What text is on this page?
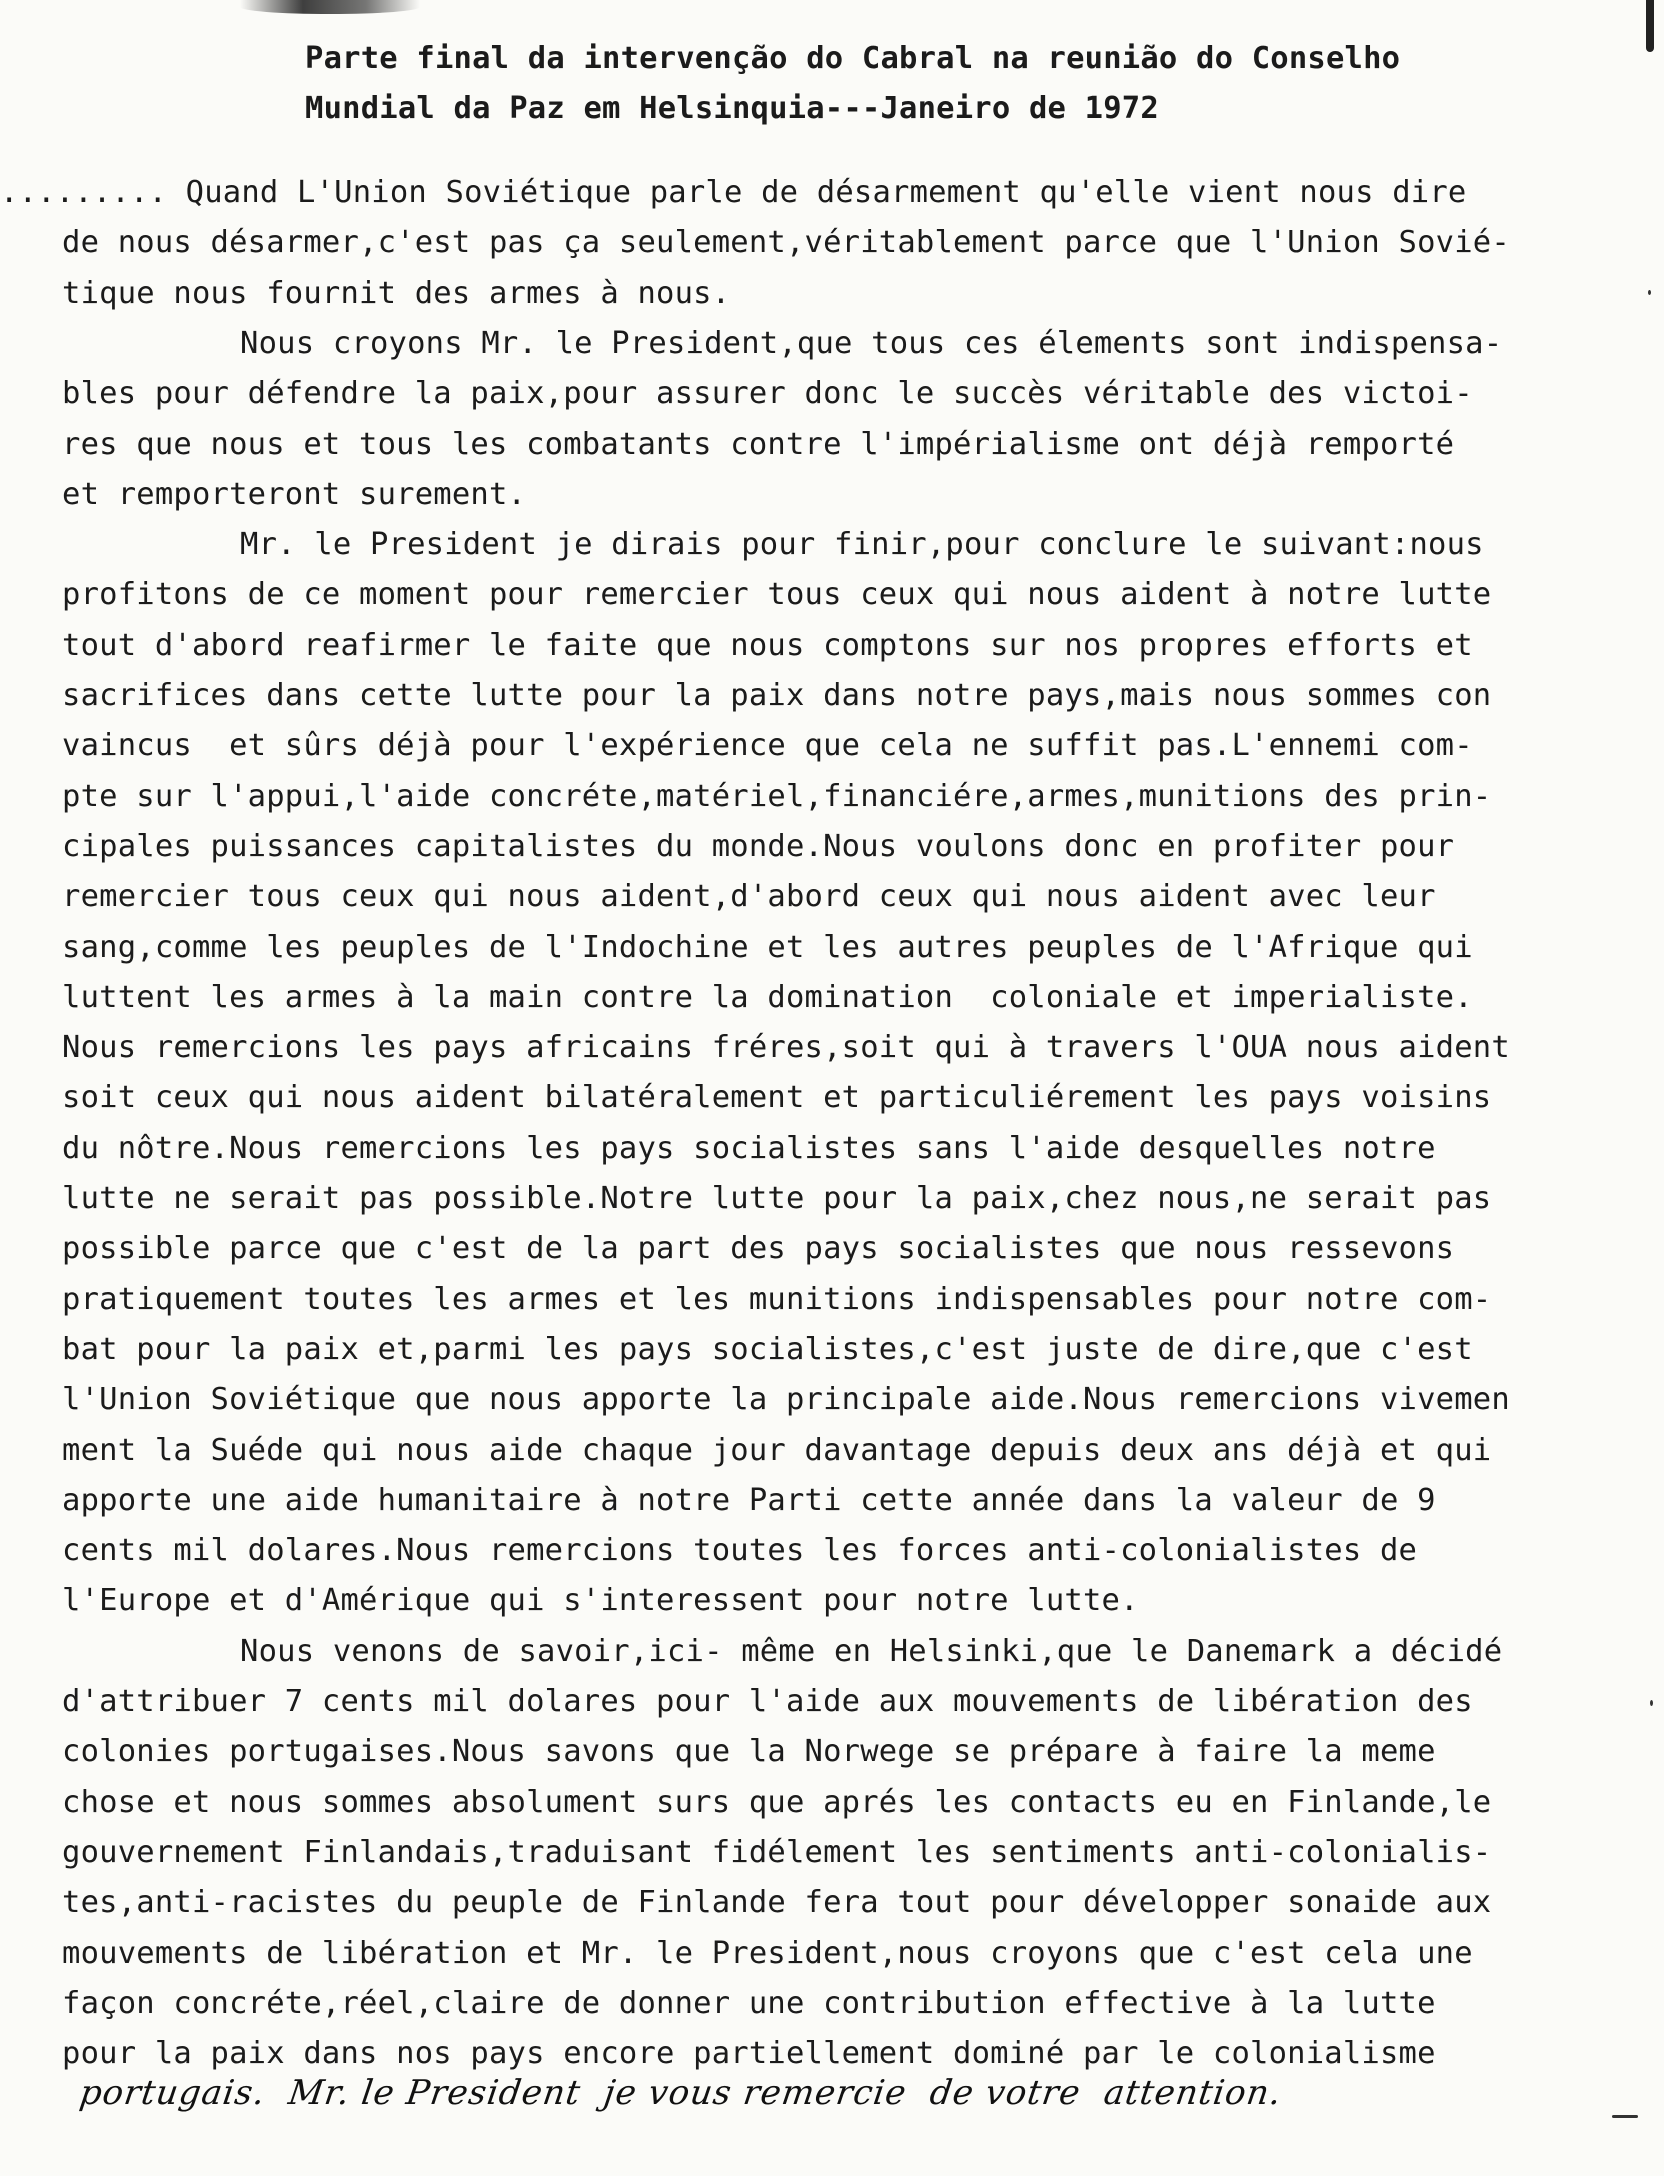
Parte final da intervenção do Cabral na reunião do Conselho
Mundial da Paz em Helsinquia---Janeiro de 1972
......... Quand L'Union Soviétique parle de désarmement qu'elle vient nous dire
de nous désarmer,c'est pas ça seulement,véritablement parce que l'Union Sovié-
tique nous fournit des armes à nous.
Nous croyons Mr. le President,que tous ces élements sont indispensa-
bles pour défendre la paix,pour assurer donc le succès véritable des victoi-
res que nous et tous les combatants contre l'impérialisme ont déjà remporté
et remporteront surement.
Mr. le President je dirais pour finir,pour conclure le suivant:nous
profitons de ce moment pour remercier tous ceux qui nous aident à notre lutte
tout d'abord reafirmer le faite que nous comptons sur nos propres efforts et
sacrifices dans cette lutte pour la paix dans notre pays,mais nous sommes con
vaincus  et sûrs déjà pour l'expérience que cela ne suffit pas.L'ennemi com-
pte sur l'appui,l'aide concréte,matériel,financiére,armes,munitions des prin-
cipales puissances capitalistes du monde.Nous voulons donc en profiter pour
remercier tous ceux qui nous aident,d'abord ceux qui nous aident avec leur
sang,comme les peuples de l'Indochine et les autres peuples de l'Afrique qui
luttent les armes à la main contre la domination  coloniale et imperialiste.
Nous remercions les pays africains fréres,soit qui à travers l'OUA nous aident
soit ceux qui nous aident bilatéralement et particuliérement les pays voisins
du nôtre.Nous remercions les pays socialistes sans l'aide desquelles notre
lutte ne serait pas possible.Notre lutte pour la paix,chez nous,ne serait pas
possible parce que c'est de la part des pays socialistes que nous ressevons
pratiquement toutes les armes et les munitions indispensables pour notre com-
bat pour la paix et,parmi les pays socialistes,c'est juste de dire,que c'est
l'Union Soviétique que nous apporte la principale aide.Nous remercions vivemen
ment la Suéde qui nous aide chaque jour davantage depuis deux ans déjà et qui
apporte une aide humanitaire à notre Parti cette année dans la valeur de 9
cents mil dolares.Nous remercions toutes les forces anti-colonialistes de
l'Europe et d'Amérique qui s'interessent pour notre lutte.
Nous venons de savoir,ici- même en Helsinki,que le Danemark a décidé
d'attribuer 7 cents mil dolares pour l'aide aux mouvements de libération des
colonies portugaises.Nous savons que la Norwege se prépare à faire la meme
chose et nous sommes absolument surs que aprés les contacts eu en Finlande,le
gouvernement Finlandais,traduisant fidélement les sentiments anti-colonialis-
tes,anti-racistes du peuple de Finlande fera tout pour développer sonaide aux
mouvements de libération et Mr. le President,nous croyons que c'est cela une
façon concréte,réel,claire de donner une contribution effective à la lutte
pour la paix dans nos pays encore partiellement dominé par le colonialisme
portugais.  Mr. le President  je vous remercie  de votre  attention.
